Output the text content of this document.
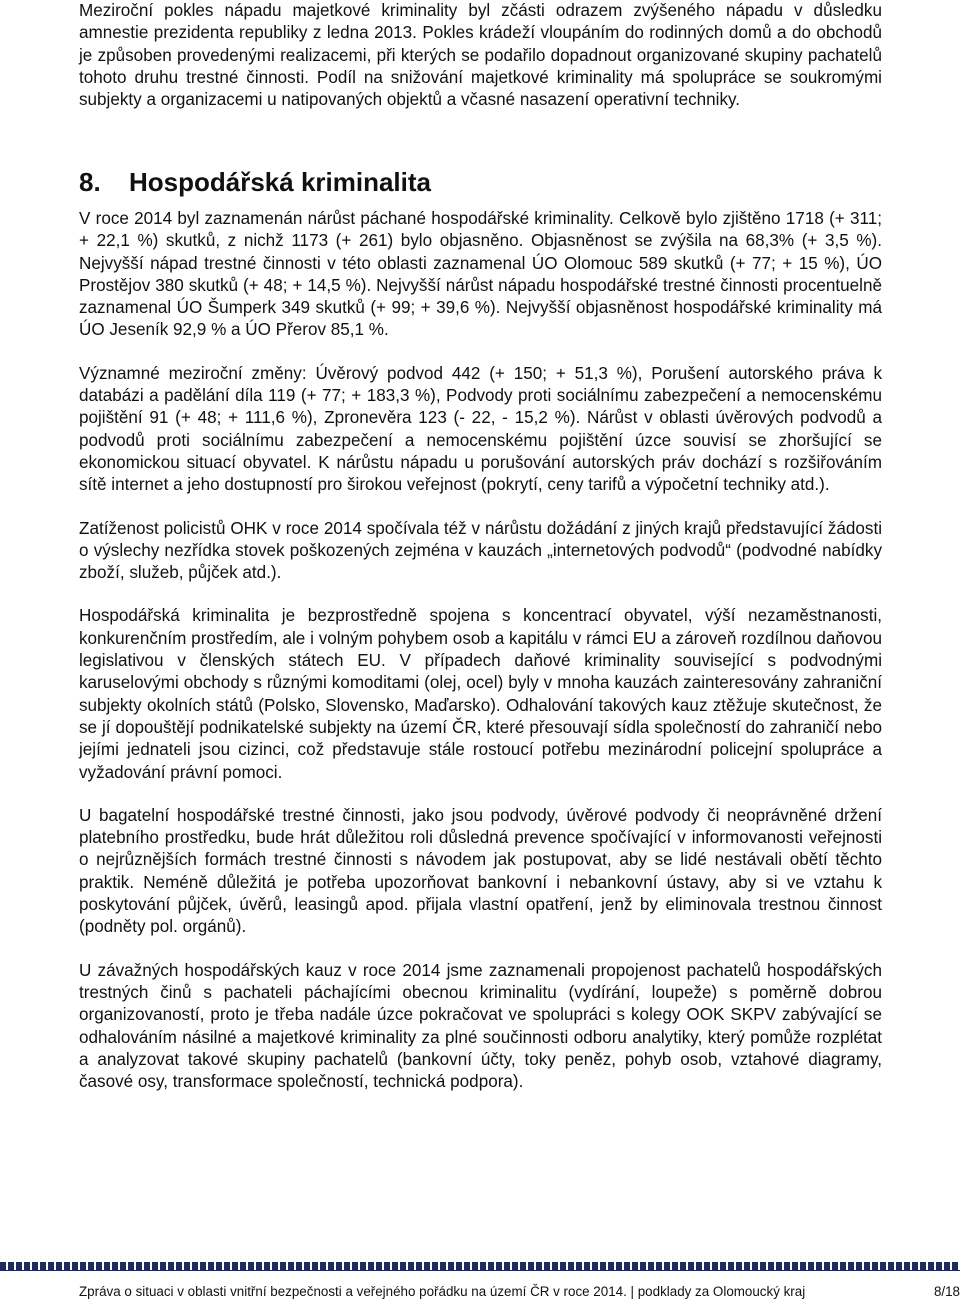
Meziroční pokles nápadu majetkové kriminality byl zčásti odrazem zvýšeného nápadu v důsledku amnestie prezidenta republiky z ledna 2013. Pokles krádeží vloupáním do rodinných domů a do obchodů je způsoben provedenými realizacemi, při kterých se podařilo dopadnout organizované skupiny pachatelů tohoto druhu trestné činnosti. Podíl na snižování majetkové kriminality má spolupráce se soukromými subjekty a organizacemi u natipovaných objektů a včasné nasazení operativní techniky.

8. Hospodářská kriminalita

V roce 2014 byl zaznamenán nárůst páchané hospodářské kriminality. Celkově bylo zjištěno 1718 (+ 311; + 22,1 %) skutků, z nichž 1173 (+ 261) bylo objasněno. Objasněnost se zvýšila na 68,3% (+ 3,5 %). Nejvyšší nápad trestné činnosti v této oblasti zaznamenal ÚO Olomouc 589 skutků (+ 77; + 15 %), ÚO Prostějov 380 skutků (+ 48; + 14,5 %). Nejvyšší nárůst nápadu hospodářské trestné činnosti procentuelně zaznamenal ÚO Šumperk 349 skutků (+ 99; + 39,6 %). Nejvyšší objasněnost hospodářské kriminality má ÚO Jeseník 92,9 % a ÚO Přerov 85,1 %.

Významné meziroční změny: Úvěrový podvod 442 (+ 150; + 51,3 %), Porušení autorského práva k databázi a padělání díla 119 (+ 77; + 183,3 %), Podvody proti sociálnímu zabezpečení a nemocenskému pojištění 91 (+ 48; + 111,6 %), Zpronevěra 123 (- 22, - 15,2 %). Nárůst v oblasti úvěrových podvodů a podvodů proti sociálnímu zabezpečení a nemocenskému pojištění úzce souvisí se zhoršující se ekonomickou situací obyvatel. K nárůstu nápadu u porušování autorských práv dochází s rozšiřováním sítě internet a jeho dostupností pro širokou veřejnost (pokrytí, ceny tarifů a výpočetní techniky atd.).

Zatíženost policistů OHK v roce 2014 spočívala též v nárůstu dožádání z jiných krajů představující žádosti o výslechy nezřídka stovek poškozených zejména v kauzách „internetových podvodů“ (podvodné nabídky zboží, služeb, půjček atd.).

Hospodářská kriminalita je bezprostředně spojena s koncentrací obyvatel, výší nezaměstnanosti, konkurenčním prostředím, ale i volným pohybem osob a kapitálu v rámci EU a zároveň rozdílnou daňovou legislativou v členských státech EU. V případech daňové kriminality související s podvodnými karuselovými obchody s různými komoditami (olej, ocel) byly v mnoha kauzách zainteresovány zahraniční subjekty okolních států (Polsko, Slovensko, Maďarsko). Odhalování takových kauz ztěžuje skutečnost, že se jí dopouštějí podnikatelské subjekty na území ČR, které přesouvají sídla společností do zahraničí nebo jejími jednateli jsou cizinci, což představuje stále rostoucí potřebu mezinárodní policejní spolupráce a vyžadování právní pomoci.

U bagatelní hospodářské trestné činnosti, jako jsou podvody, úvěrové podvody či neoprávněné držení platebního prostředku, bude hrát důležitou roli důsledná prevence spočívající v informovanosti veřejnosti o nejrůznějších formách trestné činnosti s návodem jak postupovat, aby se lidé nestávali obětí těchto praktik. Neméně důležitá je potřeba upozorňovat bankovní i nebankovní ústavy, aby si ve vztahu k poskytování půjček, úvěrů, leasingů apod. přijala vlastní opatření, jenž by eliminovala trestnou činnost (podněty pol. orgánů).

U závažných hospodářských kauz v roce 2014 jsme zaznamenali propojenost pachatelů hospodářských trestných činů s pachateli páchajícími obecnou kriminalitu (vydírání, loupeže) s poměrně dobrou organizovaností, proto je třeba nadále úzce pokračovat ve spolupráci s kolegy OOK SKPV zabývající se odhalováním násilné a majetkové kriminality za plné součinnosti odboru analytiky, který pomůže rozplétat a analyzovat takové skupiny pachatelů (bankovní účty, toky peněz, pohyb osob, vztahové diagramy, časové osy, transformace společností, technická podpora).

Zpráva o situaci v oblasti vnitřní bezpečnosti a veřejného pořádku na území ČR v roce 2014. | podklady za Olomoucký kraj	8/18
